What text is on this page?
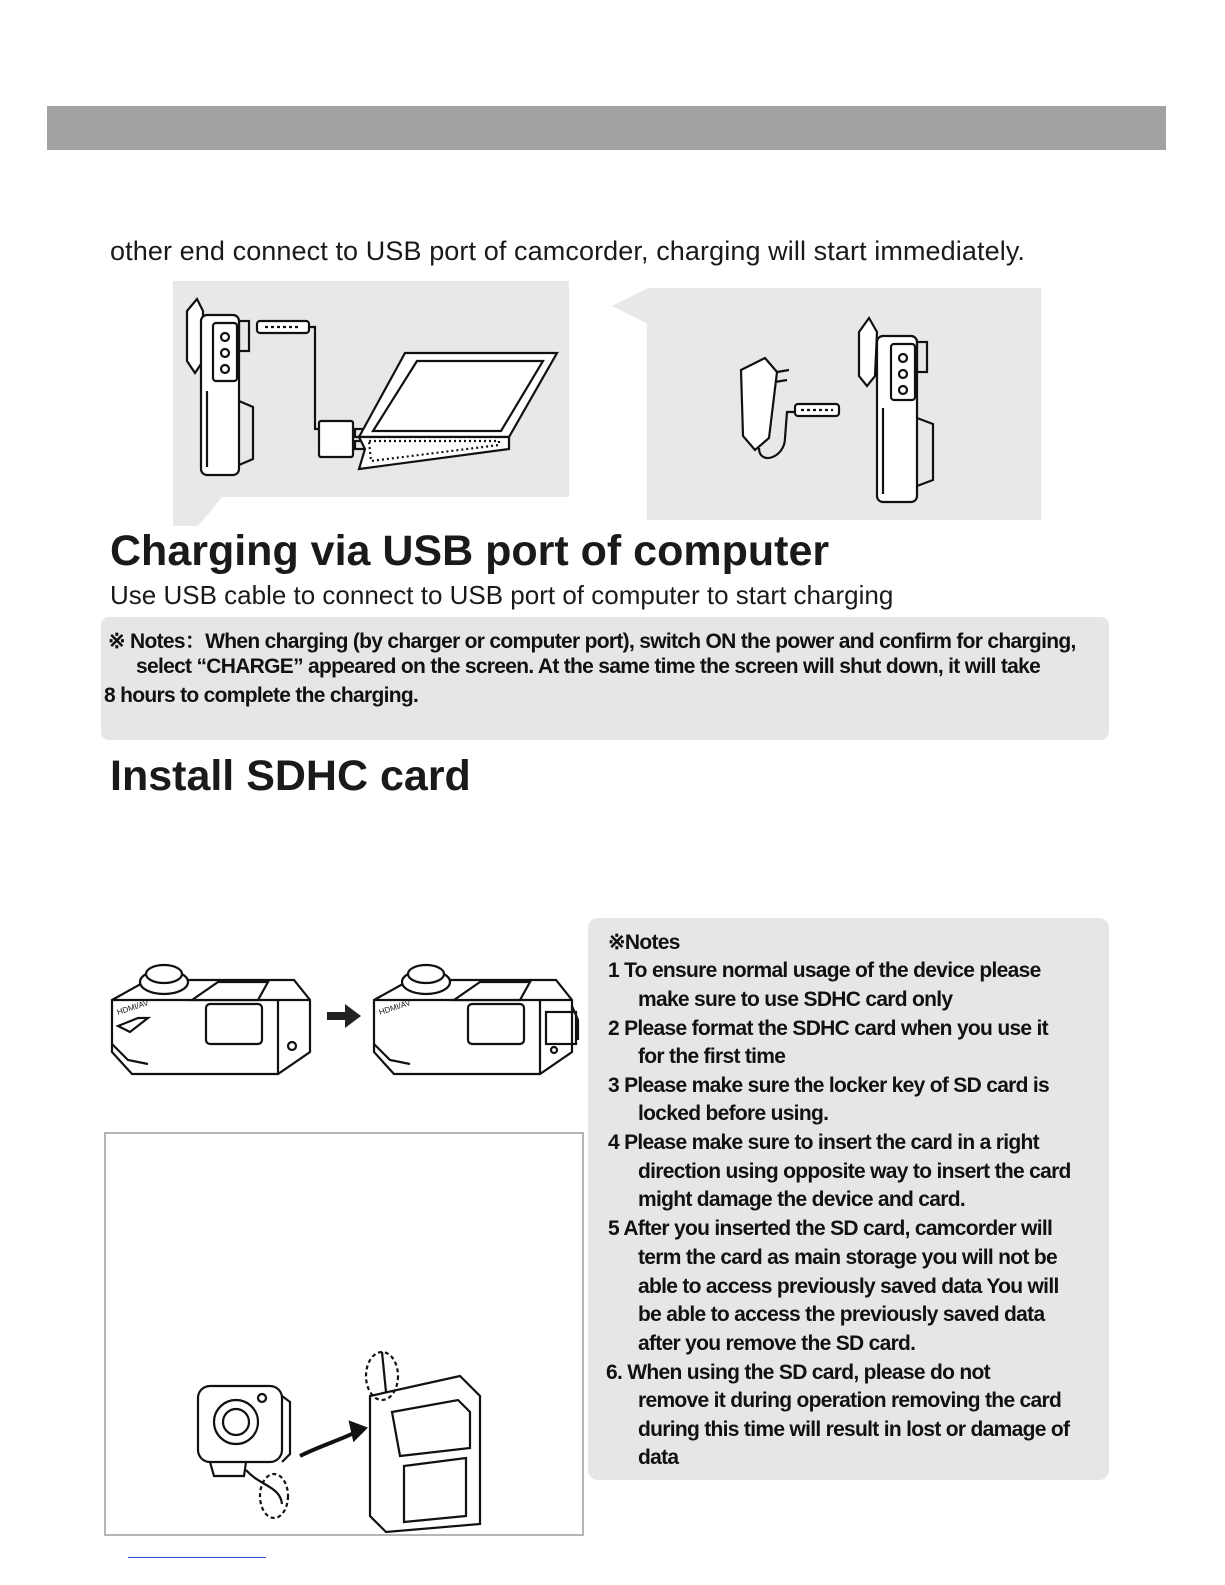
other end connect to USB port of camcorder, charging will start immediately.
Charging via USB port of computer
Use USB cable to connect to USB port of computer to start charging
※ Notes：When charging (by charger or computer port), switch ON the power and confirm for charging,
select “CHARGE” appeared on the screen. At the same time the screen will shut down, it will take
8 hours to complete the charging.
Install SDHC card
HDMI/AV	HDMI/AV
※Notes
1 To ensure normal usage of the device please
make sure to use SDHC card only
2 Please format the SDHC card when you use it
for the first time
3 Please make sure the locker key of SD card is
locked before using.
4 Please make sure to insert the card in a right
direction using opposite way to insert the card
might damage the device and card.
5 After you inserted the SD card, camcorder will
term the card as main storage you will not be
able to access previously saved data You will
be able to access the previously saved data
after you remove the SD card.
6. When using the SD card, please do not
remove it during operation removing the card
during this time will result in lost or damage of
data
